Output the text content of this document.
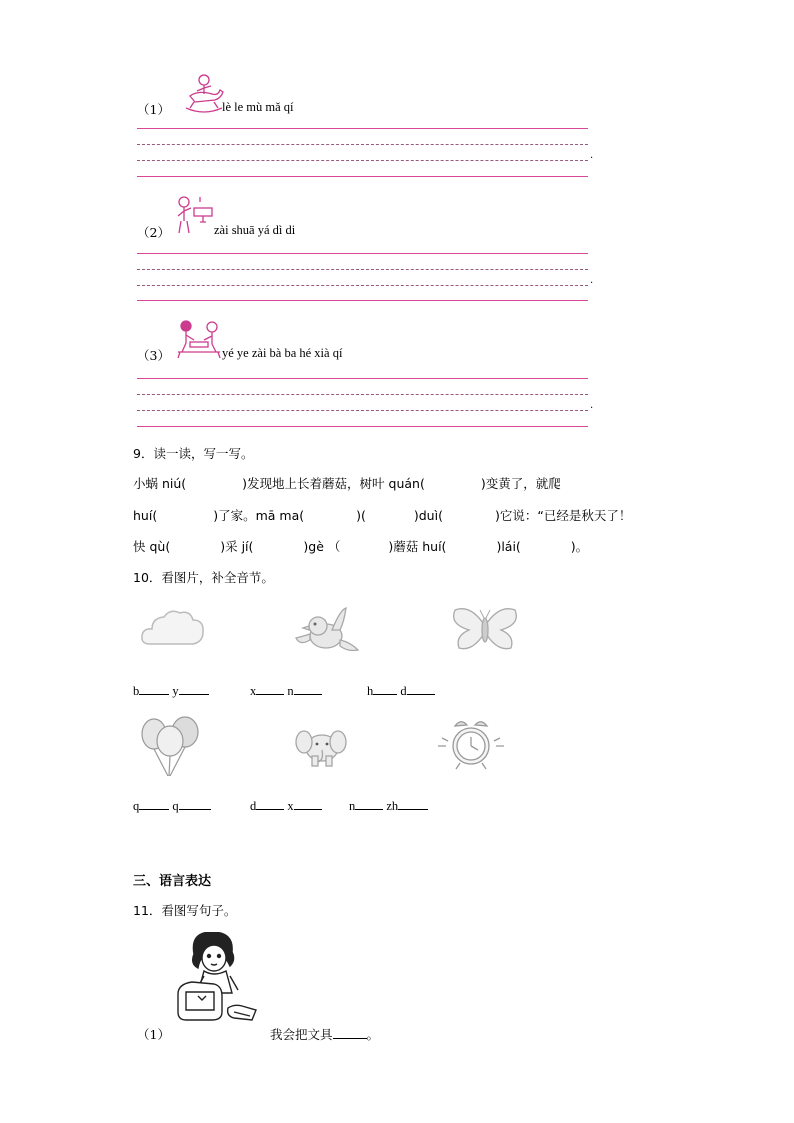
（1）	lè le mù mǎ qí
.
（2）	zài shuā yá dì di
.
（3）	yé ye zài bà ba hé xià qí
.
9．读一读，写一写。
小蜗 niú(	)发现地上长着蘑菇，树叶 quán(	)变黄了，就爬
huí(	)了家。mā ma(	)(	)duì(	)它说：“已经是秋天了！
快 qù(	)采 jí(	)gè （	)蘑菇 huí(	)lái(	)。
10．看图片，补全音节。
b	y	x n	h d
q	q	d x	n zh
三、语言表达
11．看图写句子。
（1）	我会把文具	。
